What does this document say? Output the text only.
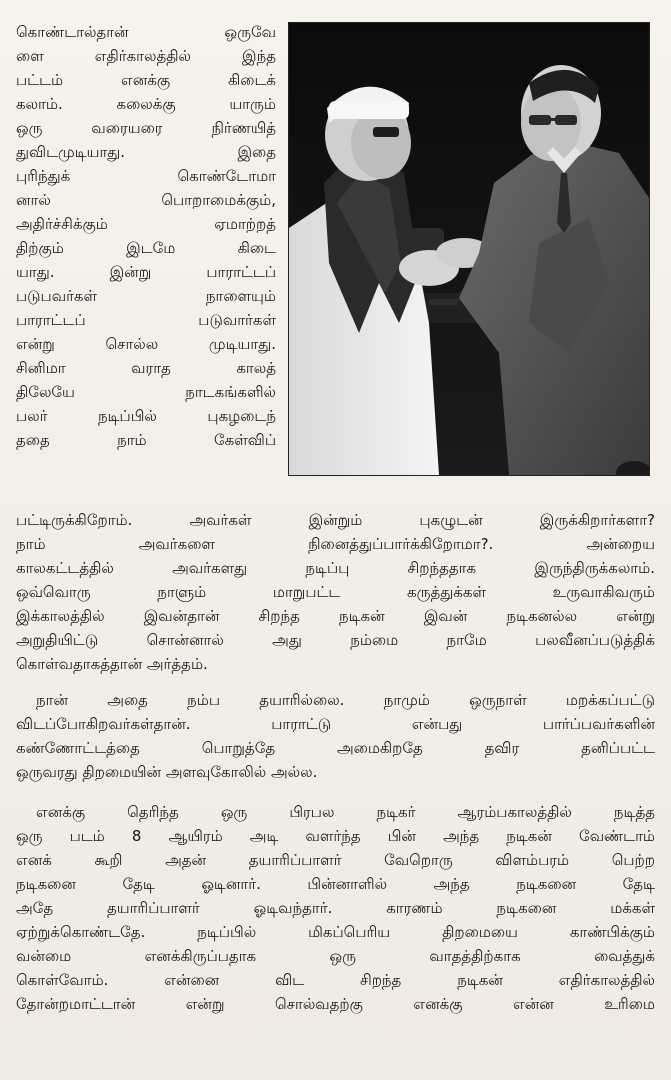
கொண்டால்தான் ஒருவே
ளை எதிர்காலத்தில் இந்த
பட்டம் எனக்கு கிடைக்
கலாம். கலைக்கு யாரும்
ஒரு வரையரை நிர்ணயித்
துவிடமுடியாது. இதை
புரிந்துக் கொண்டோமா
னால் பொறாமைக்கும்,
அதிர்ச்சிக்கும் ஏமாற்றத்
திற்கும் இடமே கிடை
யாது. இன்று பாராட்டப்
படுபவர்கள் நாளையும்
பாராட்டப் படுவார்கள்
என்று சொல்ல முடியாது.
சினிமா வராத காலத்
திலேயே நாடகங்களில்
பலர் நடிப்பில் புகழடைந்
ததை நாம் கேள்விப்
பட்டிருக்கிறோம். அவர்கள் இன்றும் புகழுடன் இருக்கிறார்களா?
நாம் அவர்களை நினைத்துப்பார்க்கிறோமா?. அன்றைய
காலகட்டத்தில் அவர்களது நடிப்பு சிறந்ததாக இருந்திருக்கலாம்.
ஒவ்வொரு நாளும் மாறுபட்ட கருத்துக்கள் உருவாகிவரும்
இக்காலத்தில் இவன்தான் சிறந்த நடிகன் இவன் நடிகனல்ல என்று
அறுதியிட்டு சொன்னால் அது நம்மை நாமே பலவீனப்படுத்திக்
கொள்வதாகத்தான் அர்த்தம்.
நான் அதை நம்ப தயாரில்லை. நாமும் ஒருநாள் மறக்கப்பட்டு
விடப்போகிறவர்கள்தான். பாராட்டு என்பது பார்ப்பவர்களின்
கண்ணோட்டத்தை பொறுத்தே அமைகிறதே தவிர தனிப்பட்ட
ஒருவரது திறமையின் அளவுகோலில் அல்ல.
எனக்கு தெரிந்த ஒரு பிரபல நடிகர் ஆரம்பகாலத்தில் நடித்த
ஒரு படம் 8 ஆயிரம் அடி வளர்ந்த பின் அந்த நடிகன் வேண்டாம்
எனக் கூறி அதன் தயாரிப்பாளர் வேறொரு விளம்பரம் பெற்ற
நடிகனை தேடி ஓடினார். பின்னாளில் அந்த நடிகனை தேடி
அதே தயாரிப்பாளர் ஓடிவந்தார். காரணம் நடிகனை மக்கள்
ஏற்றுக்கொண்டதே. நடிப்பில் மிகப்பெரிய திறமையை காண்பிக்கும்
வன்மை எனக்கிருப்பதாக ஒரு வாதத்திற்காக வைத்துக்
கொள்வோம். என்னை விட சிறந்த நடிகன் எதிர்காலத்தில்
தோன்றமாட்டான் என்று சொல்வதற்கு எனக்கு என்ன உரிமை
